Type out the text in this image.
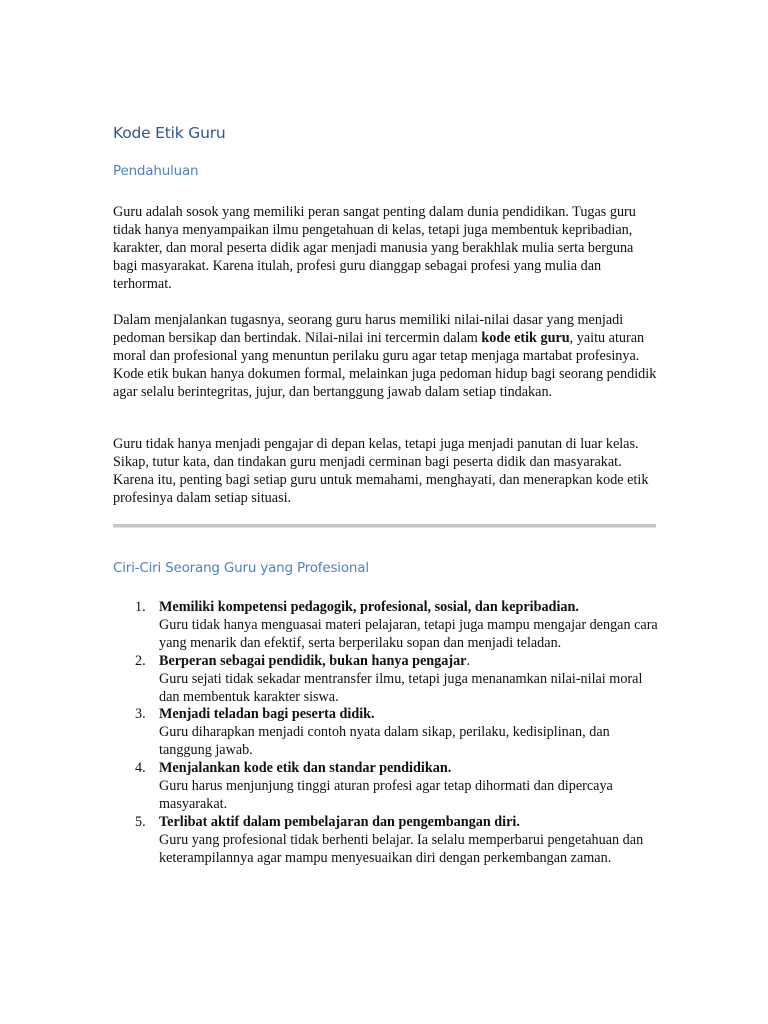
Kode Etik Guru
Pendahuluan

Guru adalah sosok yang memiliki peran sangat penting dalam dunia pendidikan. Tugas guru tidak hanya menyampaikan ilmu pengetahuan di kelas, tetapi juga membentuk kepribadian, karakter, dan moral peserta didik agar menjadi manusia yang berakhlak mulia serta berguna bagi masyarakat. Karena itulah, profesi guru dianggap sebagai profesi yang mulia dan terhormat.

Dalam menjalankan tugasnya, seorang guru harus memiliki nilai-nilai dasar yang menjadi pedoman bersikap dan bertindak. Nilai-nilai ini tercermin dalam kode etik guru, yaitu aturan moral dan profesional yang menuntun perilaku guru agar tetap menjaga martabat profesinya. Kode etik bukan hanya dokumen formal, melainkan juga pedoman hidup bagi seorang pendidik agar selalu berintegritas, jujur, dan bertanggung jawab dalam setiap tindakan.

Guru tidak hanya menjadi pengajar di depan kelas, tetapi juga menjadi panutan di luar kelas. Sikap, tutur kata, dan tindakan guru menjadi cerminan bagi peserta didik dan masyarakat. Karena itu, penting bagi setiap guru untuk memahami, menghayati, dan menerapkan kode etik profesinya dalam setiap situasi.

Ciri-Ciri Seorang Guru yang Profesional
1. Memiliki kompetensi pedagogik, profesional, sosial, dan kepribadian.
Guru tidak hanya menguasai materi pelajaran, tetapi juga mampu mengajar dengan cara yang menarik dan efektif, serta berperilaku sopan dan menjadi teladan.
2. Berperan sebagai pendidik, bukan hanya pengajar.
Guru sejati tidak sekadar mentransfer ilmu, tetapi juga menanamkan nilai-nilai moral dan membentuk karakter siswa.
3. Menjadi teladan bagi peserta didik.
Guru diharapkan menjadi contoh nyata dalam sikap, perilaku, kedisiplinan, dan tanggung jawab.
4. Menjalankan kode etik dan standar pendidikan.
Guru harus menjunjung tinggi aturan profesi agar tetap dihormati dan dipercaya masyarakat.
5. Terlibat aktif dalam pembelajaran dan pengembangan diri.
Guru yang profesional tidak berhenti belajar. Ia selalu memperbarui pengetahuan dan keterampilannya agar mampu menyesuaikan diri dengan perkembangan zaman.
